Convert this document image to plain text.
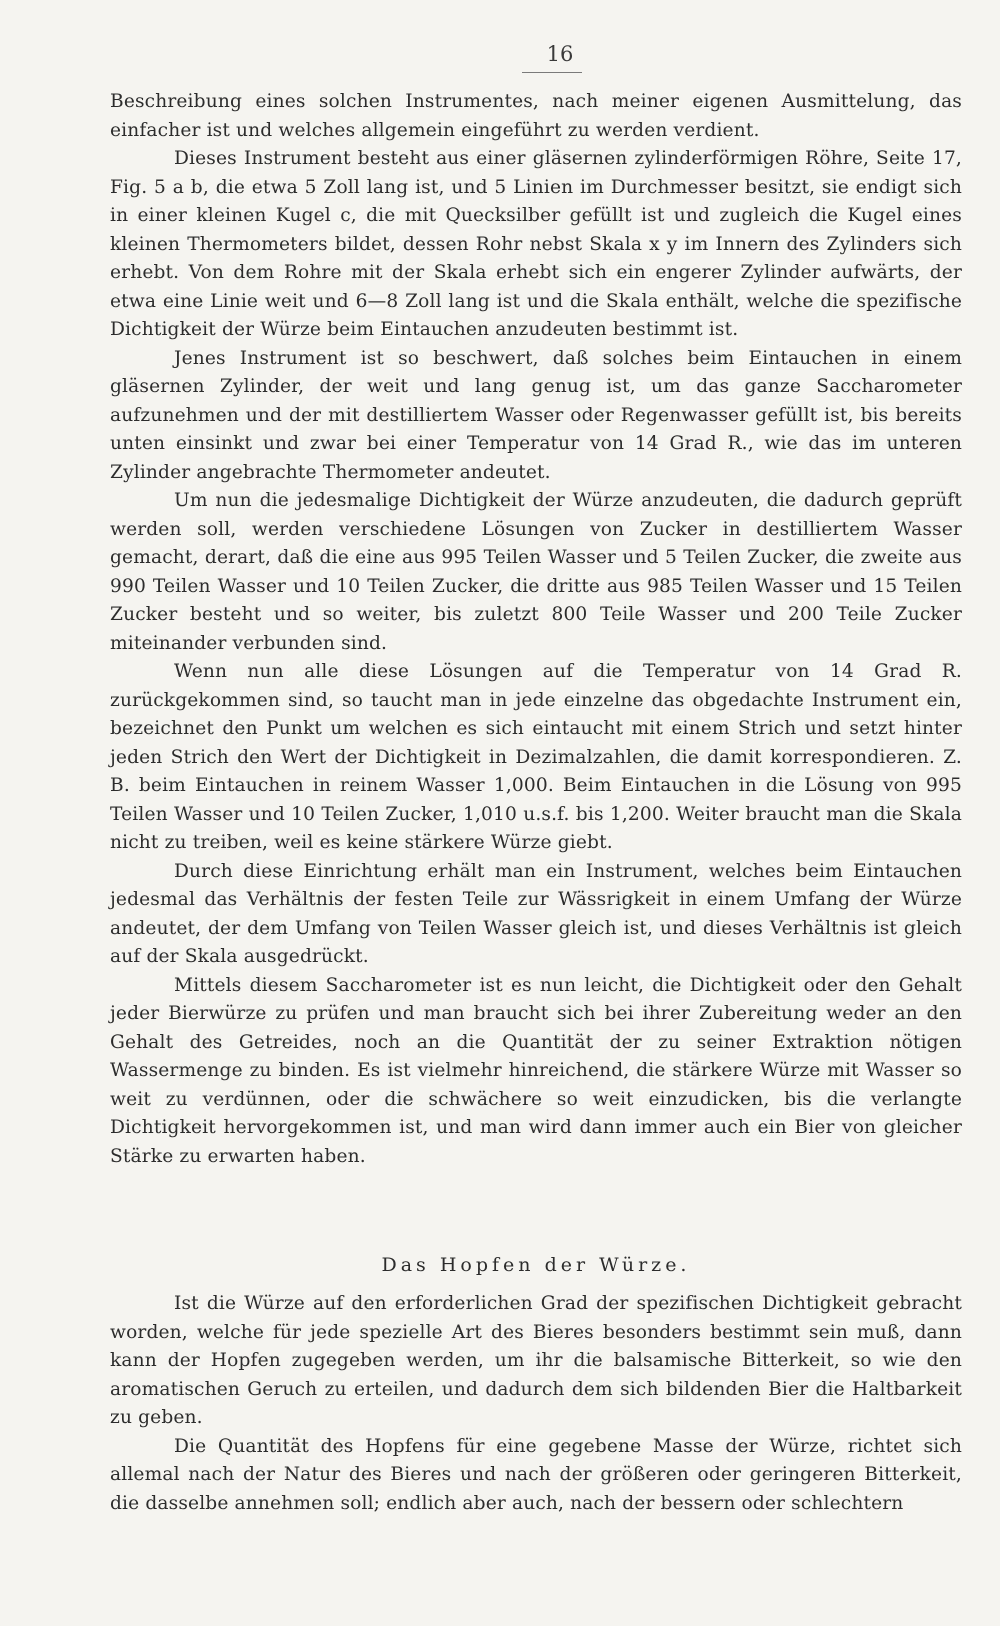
16

Beschreibung eines solchen Instrumentes, nach meiner eigenen Ausmittelung, das einfacher ist und welches allgemein eingeführt zu werden verdient.

Dieses Instrument besteht aus einer gläsernen zylinderförmigen Röhre, Seite 17, Fig. 5 a b, die etwa 5 Zoll lang ist, und 5 Linien im Durchmesser besitzt, sie endigt sich in einer kleinen Kugel c, die mit Quecksilber gefüllt ist und zugleich die Kugel eines kleinen Thermometers bildet, dessen Rohr nebst Skala x y im Innern des Zylinders sich erhebt. Von dem Rohre mit der Skala erhebt sich ein engerer Zylinder aufwärts, der etwa eine Linie weit und 6—8 Zoll lang ist und die Skala enthält, welche die spezifische Dichtigkeit der Würze beim Eintauchen anzudeuten bestimmt ist.

Jenes Instrument ist so beschwert, daß solches beim Eintauchen in einem gläsernen Zylinder, der weit und lang genug ist, um das ganze Saccharometer aufzunehmen und der mit destilliertem Wasser oder Regenwasser gefüllt ist, bis bereits unten einsinkt und zwar bei einer Temperatur von 14 Grad R., wie das im unteren Zylinder angebrachte Thermometer andeutet.

Um nun die jedesmalige Dichtigkeit der Würze anzudeuten, die dadurch geprüft werden soll, werden verschiedene Lösungen von Zucker in destilliertem Wasser gemacht, derart, daß die eine aus 995 Teilen Wasser und 5 Teilen Zucker, die zweite aus 990 Teilen Wasser und 10 Teilen Zucker, die dritte aus 985 Teilen Wasser und 15 Teilen Zucker besteht und so weiter, bis zuletzt 800 Teile Wasser und 200 Teile Zucker miteinander verbunden sind.

Wenn nun alle diese Lösungen auf die Temperatur von 14 Grad R. zurückgekommen sind, so taucht man in jede einzelne das obgedachte Instrument ein, bezeichnet den Punkt um welchen es sich eintaucht mit einem Strich und setzt hinter jeden Strich den Wert der Dichtigkeit in Dezimalzahlen, die damit korrespondieren. Z. B. beim Eintauchen in reinem Wasser 1,000. Beim Eintauchen in die Lösung von 995 Teilen Wasser und 10 Teilen Zucker, 1,010 u.s.f. bis 1,200. Weiter braucht man die Skala nicht zu treiben, weil es keine stärkere Würze giebt.

Durch diese Einrichtung erhält man ein Instrument, welches beim Eintauchen jedesmal das Verhältnis der festen Teile zur Wässrigkeit in einem Umfang der Würze andeutet, der dem Umfang von Teilen Wasser gleich ist, und dieses Verhältnis ist gleich auf der Skala ausgedrückt.

Mittels diesem Saccharometer ist es nun leicht, die Dichtigkeit oder den Gehalt jeder Bierwürze zu prüfen und man braucht sich bei ihrer Zubereitung weder an den Gehalt des Getreides, noch an die Quantität der zu seiner Extraktion nötigen Wassermenge zu binden. Es ist vielmehr hinreichend, die stärkere Würze mit Wasser so weit zu verdünnen, oder die schwächere so weit einzudicken, bis die verlangte Dichtigkeit hervorgekommen ist, und man wird dann immer auch ein Bier von gleicher Stärke zu erwarten haben.

Das Hopfen der Würze.

Ist die Würze auf den erforderlichen Grad der spezifischen Dichtigkeit gebracht worden, welche für jede spezielle Art des Bieres besonders bestimmt sein muß, dann kann der Hopfen zugegeben werden, um ihr die balsamische Bitterkeit, so wie den aromatischen Geruch zu erteilen, und dadurch dem sich bildenden Bier die Haltbarkeit zu geben.

Die Quantität des Hopfens für eine gegebene Masse der Würze, richtet sich allemal nach der Natur des Bieres und nach der größeren oder geringeren Bitterkeit, die dasselbe annehmen soll; endlich aber auch, nach der bessern oder schlechtern
